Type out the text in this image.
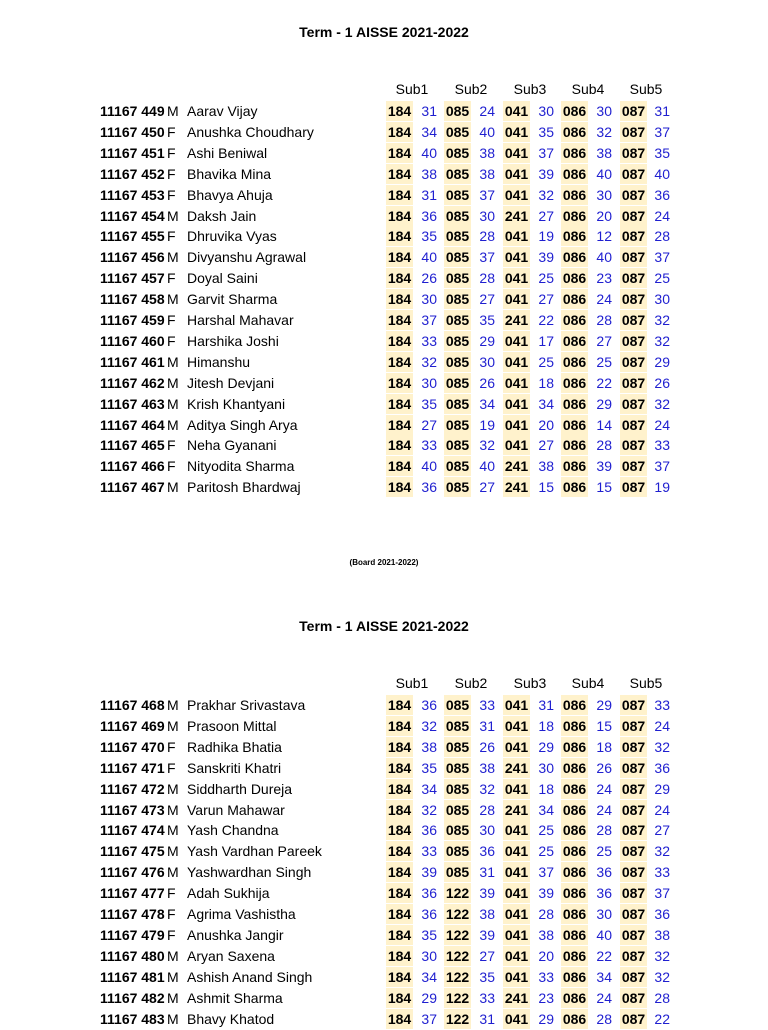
Term - 1 AISSE 2021-2022
Sub1	Sub2	Sub3	Sub4	Sub5
11167 449 M Aarav Vijay	184 31 085 24 041 30 086 30 087 31
11167 450 F Anushka Choudhary	184 34 085 40 041 35 086 32 087 37
11167 451 F Ashi Beniwal	184 40 085 38 041 37 086 38 087 35
11167 452 F Bhavika Mina	184 38 085 38 041 39 086 40 087 40
11167 453 F Bhavya Ahuja	184 31 085 37 041 32 086 30 087 36
11167 454 M Daksh Jain	184 36 085 30 241 27 086 20 087 24
11167 455 F Dhruvika Vyas	184 35 085 28 041 19 086 12 087 28
11167 456 M Divyanshu Agrawal	184 40 085 37 041 39 086 40 087 37
11167 457 F Doyal Saini	184 26 085 28 041 25 086 23 087 25
11167 458 M Garvit Sharma	184 30 085 27 041 27 086 24 087 30
11167 459 F Harshal Mahavar	184 37 085 35 241 22 086 28 087 32
11167 460 F Harshika Joshi	184 33 085 29 041 17 086 27 087 32
11167 461 M Himanshu	184 32 085 30 041 25 086 25 087 29
11167 462 M Jitesh Devjani	184 30 085 26 041 18 086 22 087 26
11167 463 M Krish Khantyani	184 35 085 34 041 34 086 29 087 32
11167 464 M Aditya Singh Arya	184 27 085 19 041 20 086 14 087 24
11167 465 F Neha Gyanani	184 33 085 32 041 27 086 28 087 33
11167 466 F Nityodita Sharma	184 40 085 40 241 38 086 39 087 37
11167 467 M Paritosh Bhardwaj	184 36 085 27 241 15 086 15 087 19
(Board 2021-2022)
Term - 1 AISSE 2021-2022
Sub1	Sub2	Sub3	Sub4	Sub5
11167 468 M Prakhar Srivastava	184 36 085 33 041 31 086 29 087 33
11167 469 M Prasoon Mittal	184 32 085 31 041 18 086 15 087 24
11167 470 F Radhika Bhatia	184 38 085 26 041 29 086 18 087 32
11167 471 F Sanskriti Khatri	184 35 085 38 241 30 086 26 087 36
11167 472 M Siddharth Dureja	184 34 085 32 041 18 086 24 087 29
11167 473 M Varun Mahawar	184 32 085 28 241 34 086 24 087 24
11167 474 M Yash Chandna	184 36 085 30 041 25 086 28 087 27
11167 475 M Yash Vardhan Pareek	184 33 085 36 041 25 086 25 087 32
11167 476 M Yashwardhan Singh	184 39 085 31 041 37 086 36 087 33
11167 477 F Adah Sukhija	184 36 122 39 041 39 086 36 087 37
11167 478 F Agrima Vashistha	184 36 122 38 041 28 086 30 087 36
11167 479 F Anushka Jangir	184 35 122 39 041 38 086 40 087 38
11167 480 M Aryan Saxena	184 30 122 27 041 20 086 22 087 32
11167 481 M Ashish Anand Singh	184 34 122 35 041 33 086 34 087 32
11167 482 M Ashmit Sharma	184 29 122 33 241 23 086 24 087 28
11167 483 M Bhavy Khatod	184 37 122 31 041 29 086 28 087 22
